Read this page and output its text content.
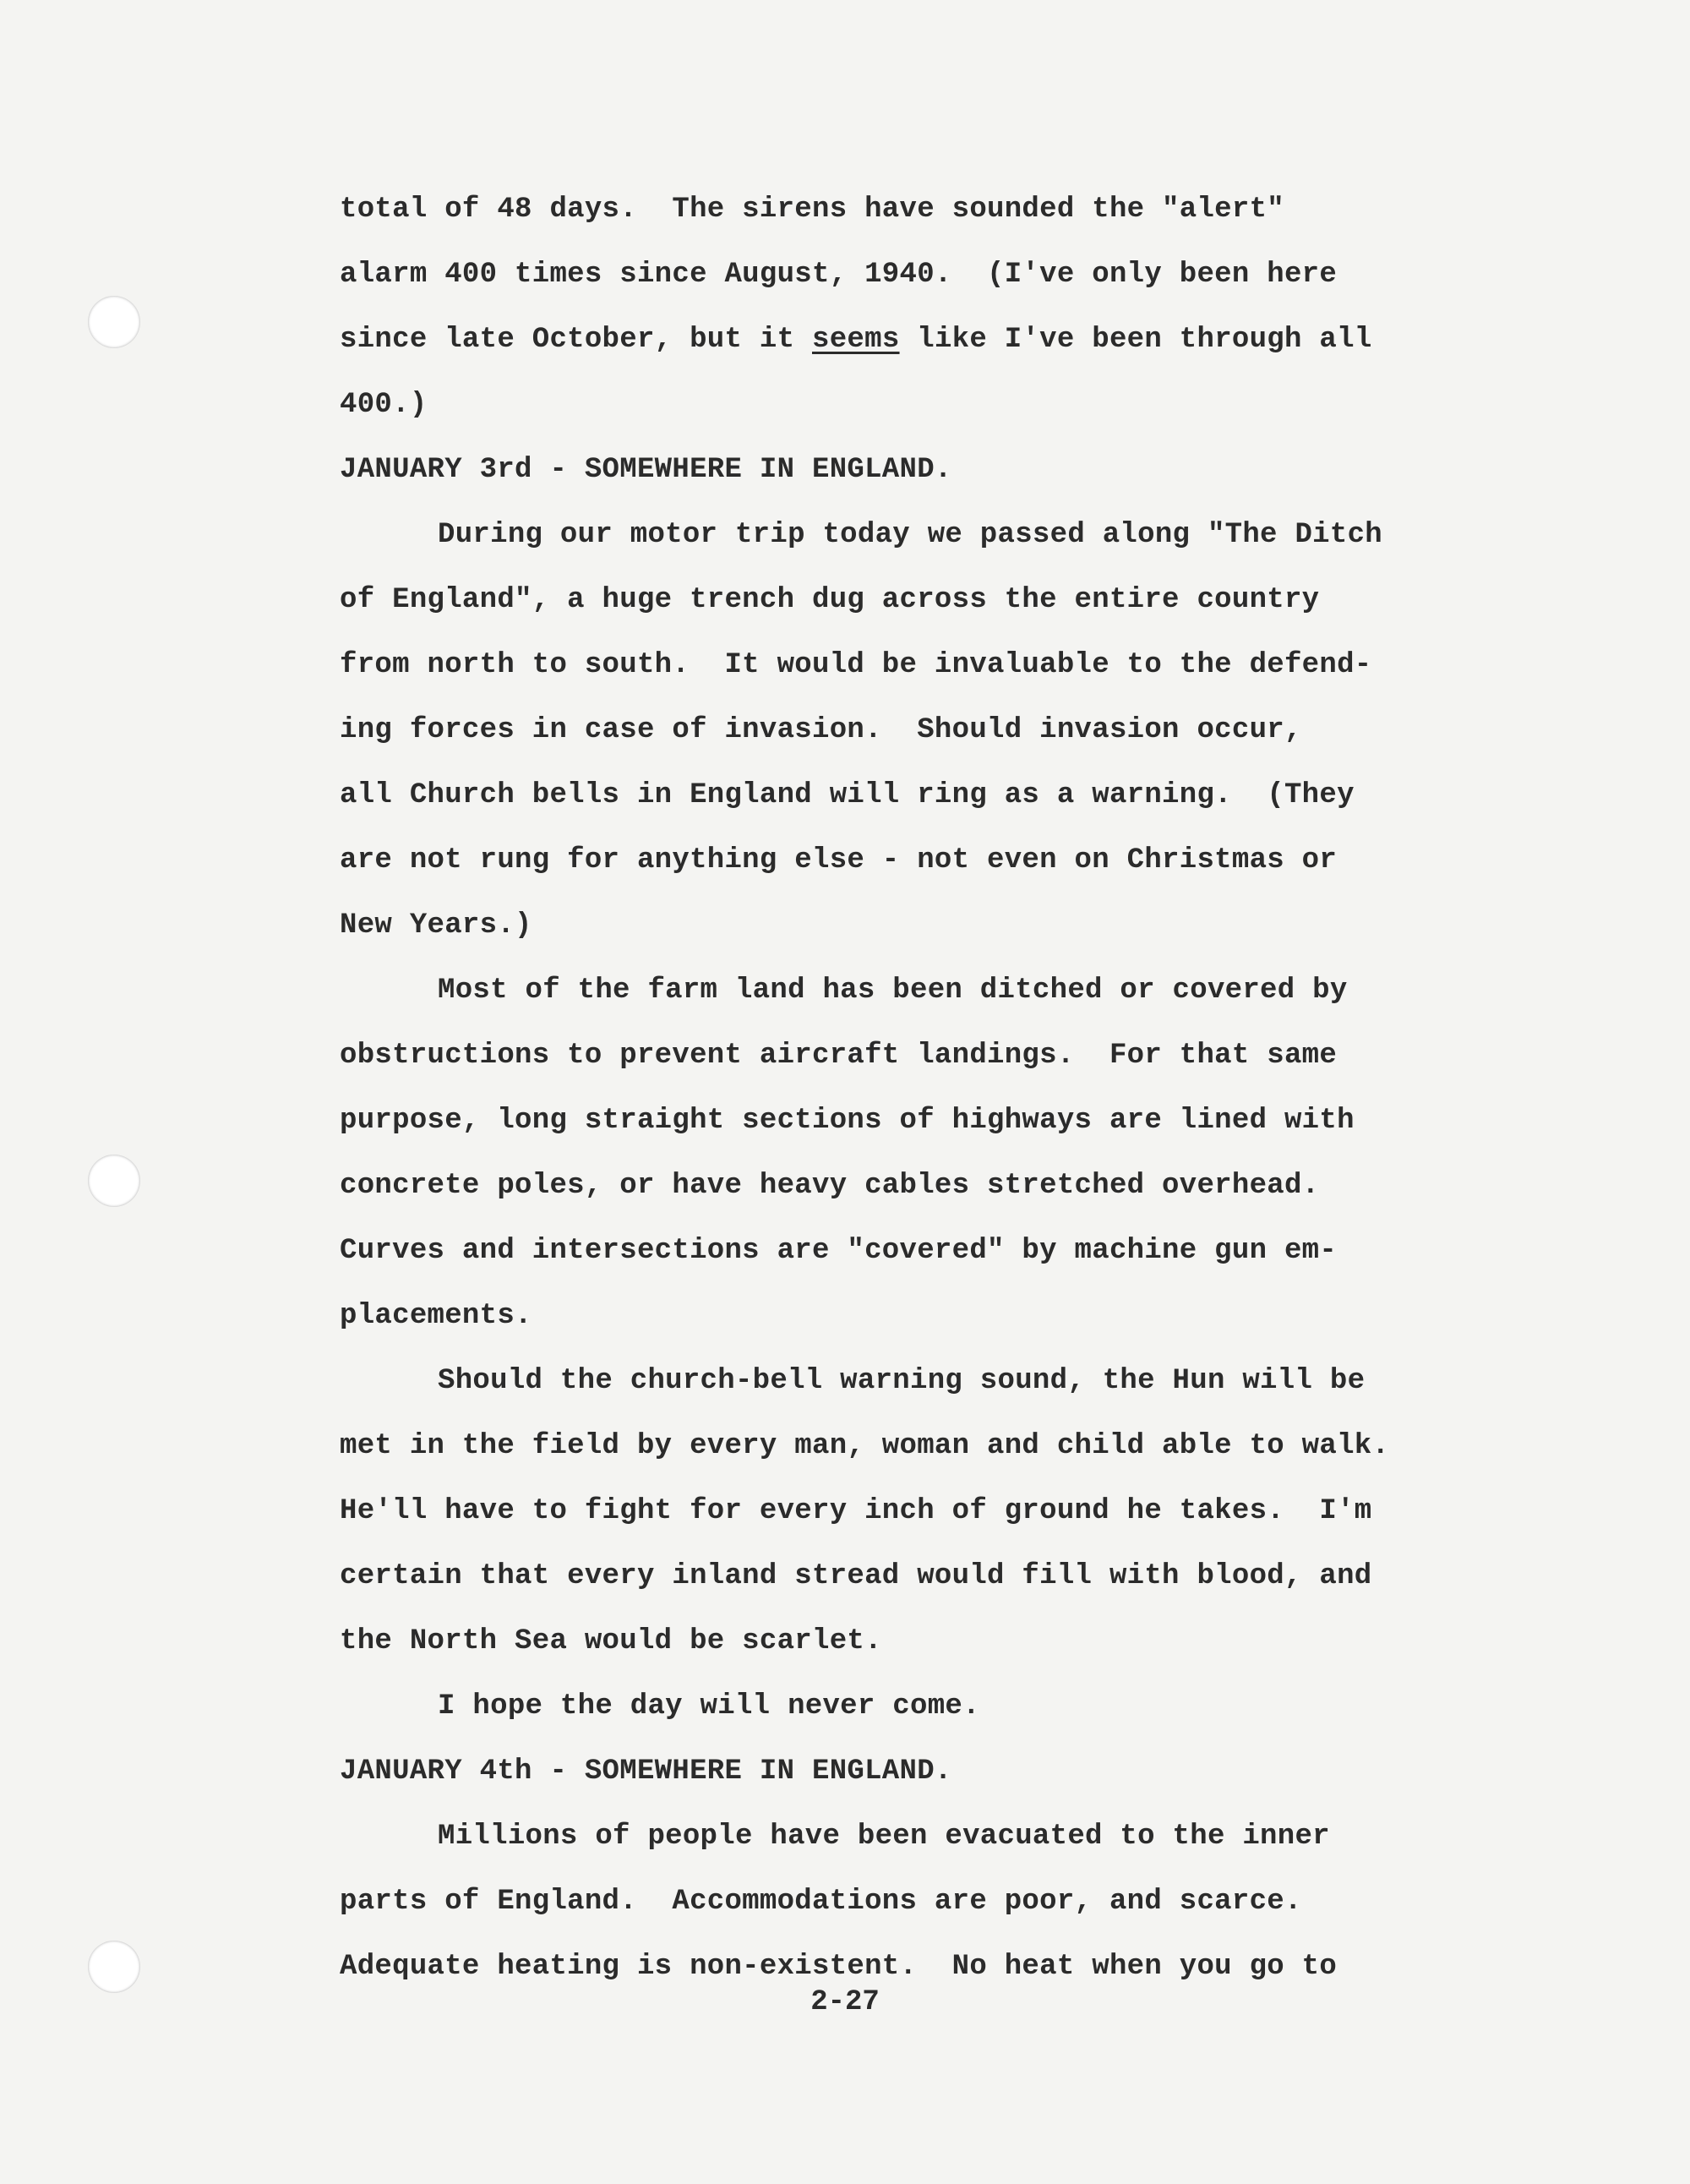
total of 48 days.  The sirens have sounded the "alert"
alarm 400 times since August, 1940.  (I've only been here
since late October, but it seems like I've been through all
400.)
JANUARY 3rd - SOMEWHERE IN ENGLAND.
During our motor trip today we passed along "The Ditch
of England", a huge trench dug across the entire country
from north to south.  It would be invaluable to the defend-
ing forces in case of invasion.  Should invasion occur,
all Church bells in England will ring as a warning.  (They
are not rung for anything else - not even on Christmas or
New Years.)
Most of the farm land has been ditched or covered by
obstructions to prevent aircraft landings.  For that same
purpose, long straight sections of highways are lined with
concrete poles, or have heavy cables stretched overhead.
Curves and intersections are "covered" by machine gun em-
placements.
Should the church-bell warning sound, the Hun will be
met in the field by every man, woman and child able to walk.
He'll have to fight for every inch of ground he takes.  I'm
certain that every inland stread would fill with blood, and
the North Sea would be scarlet.
I hope the day will never come.
JANUARY 4th - SOMEWHERE IN ENGLAND.
Millions of people have been evacuated to the inner
parts of England.  Accommodations are poor, and scarce.
Adequate heating is non-existent.  No heat when you go to
2-27
